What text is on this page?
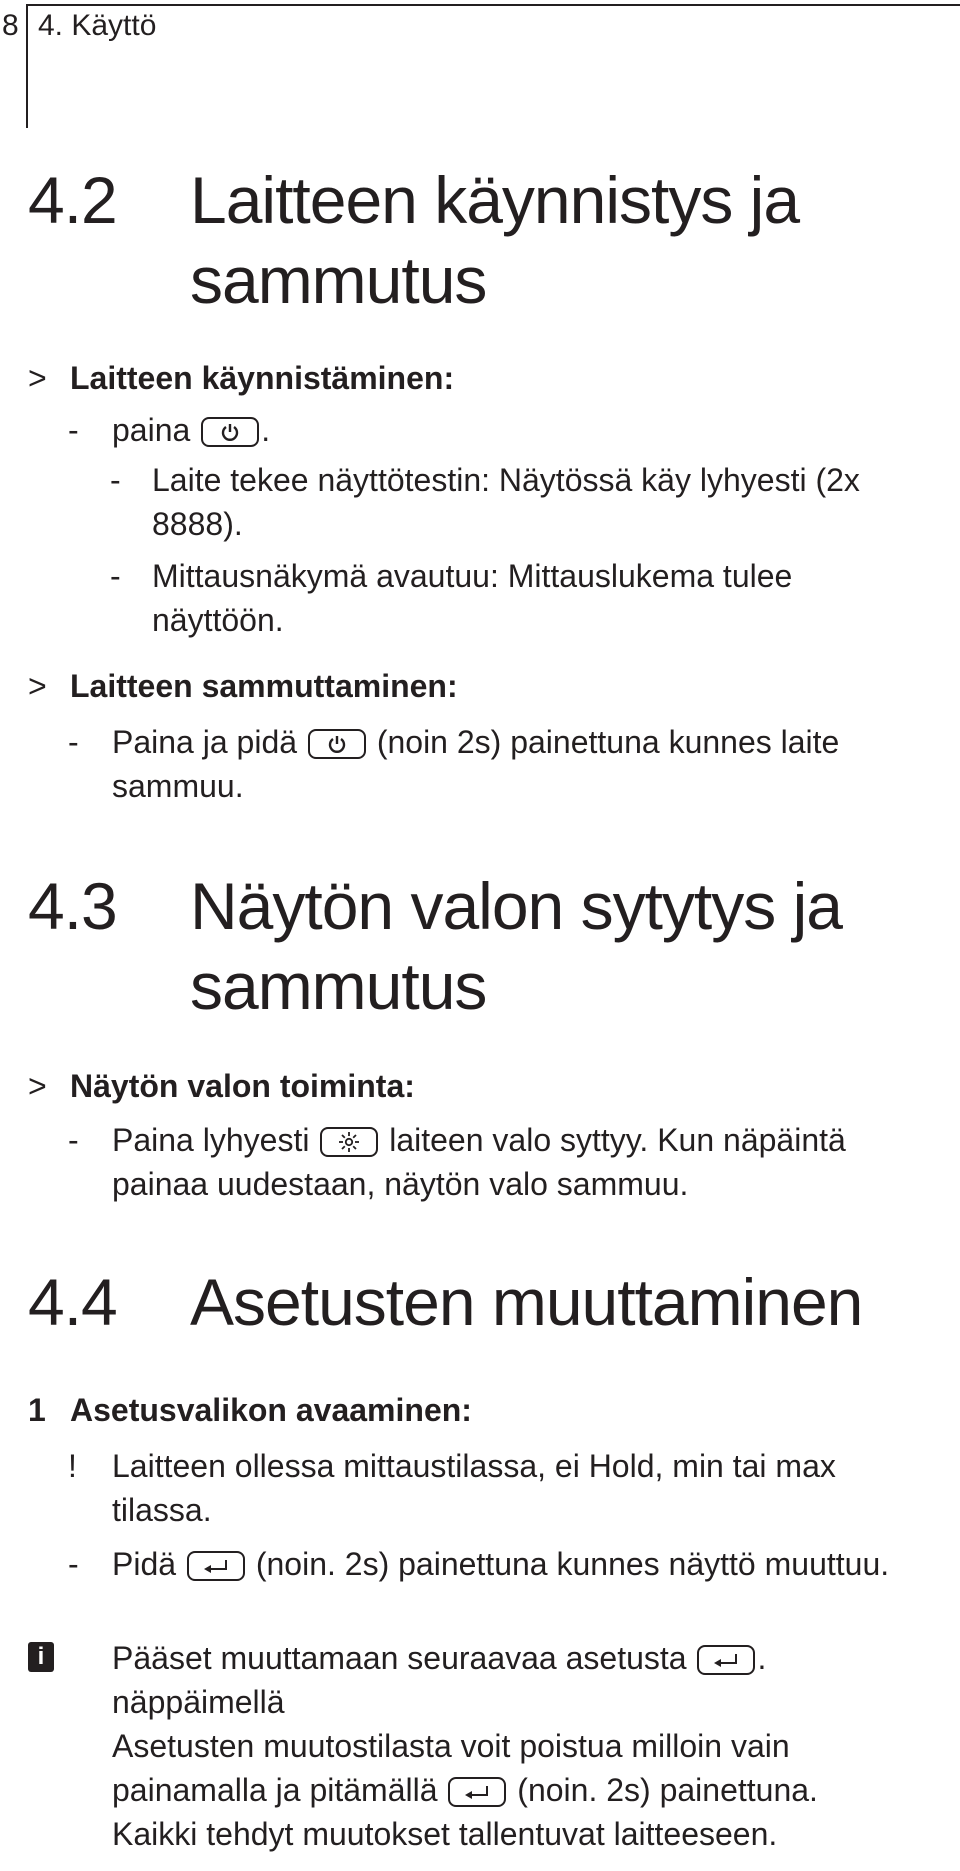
8 4. Käyttö
4.2 Laitteen käynnistys ja sammutus
> Laitteen käynnistäminen:
- paina .
- Laite tekee näyttötestin: Näytössä käy lyhyesti (2x 8888).
- Mittausnäkymä avautuu: Mittauslukema tulee näyttöön.
> Laitteen sammuttaminen:
- Paina ja pidä (noin 2s) painettuna kunnes laite sammuu.
4.3 Näytön valon sytytys ja sammutus
> Näytön valon toiminta:
- Paina lyhyesti laiteen valo syttyy. Kun näpäintä painaa uudestaan, näytön valo sammuu.
4.4 Asetusten muuttaminen
1 Asetusvalikon avaaminen:
! Laitteen ollessa mittaustilassa, ei Hold, min tai max tilassa.
- Pidä (noin. 2s) painettuna kunnes näyttö muuttuu.
i	Pääset muuttamaan seuraavaa asetusta .
näppäimellä
Asetusten muutostilasta voit poistua milloin vain
painamalla ja pitämällä (noin. 2s) painettuna.
Kaikki tehdyt muutokset tallentuvat laitteeseen.
